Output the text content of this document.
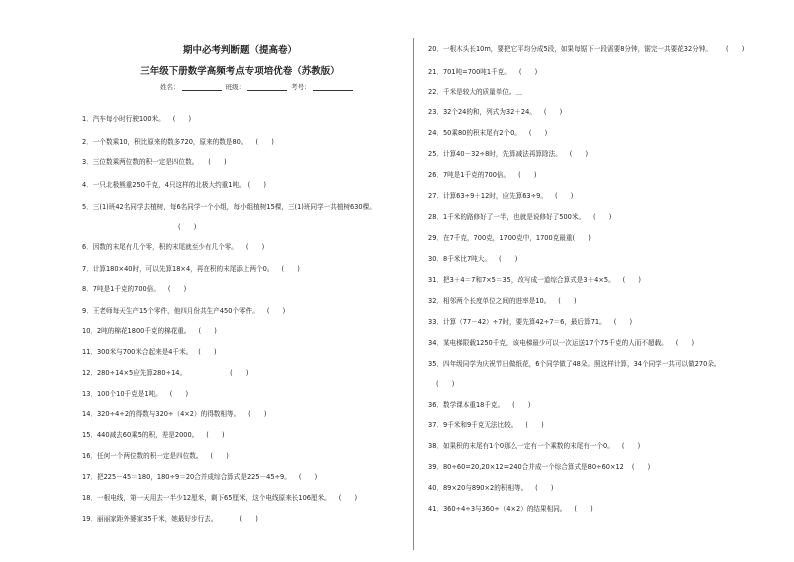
期中必考判断题（提高卷）
三年级下册数学高频考点专项培优卷（苏教版）
姓名：	班级：	考号：
1．汽车每小时行驶100米。 (　　)
2．一个数乘10，积比原来的数多720，原来的数是80。 (　　)
3．三位数乘两位数的积一定是四位数。 (　　)
4．一只北极熊重250千克，4只这样的北极大约重1吨。 (　　)
5．三(1)班42名同学去植树，每6名同学一个小组，每小组植树15棵，三(1)班同学一共植树630棵。
(　　)
6．因数的末尾有几个零，积的末尾就至少有几个零。 (　　)
7．计算180×40时，可以先算18×4，再在积的末尾添上两个0。 (　　)
8．7吨是1千克的700倍。 (　　)
9．王老师每天生产15个零件，他四月份共生产450个零件。 (　　)
10．2吨的棉花1800千克的棉花重。 (　　)
11．300米与700米合起来是4千米。 (　　)
12．280÷14×5应先算280÷14。	(　　)
13．100个10千克是1吨。 (　　)
14．320÷4÷2的得数与320÷（4×2）的得数相等。 (　　)
15．440减去60乘5的积，差是2000。 (　　)
16．任何一个两位数的积一定是四位数。 (　　)
17．把225－45＝180，180÷9＝20合并成综合算式是225－45÷9。 (　　)
18．一根电线，第一天用去一半少12厘米，剩下65厘米，这个电线原来长106厘米。 (　　)
19．丽丽家距外婆家35千米，她最好步行去。	(　　)
20．一根木头长10m，要把它平均分成5段，如果每锯下一段需要8分钟，锯完一共要花32分钟。 (　　)
21．701吨=700吨1千克。 (　　)
22．千米是较大的质量单位。＿
23．32个24的和，列式为32＋24。 (　　)
24．50乘80的积末尾有2个0。 (　　)
25．计算40－32÷8时，先算减法再算除法。 (　　)
26．7吨是1千克的700倍。 (　　)
27．计算63÷9＋12时，应先算63÷9。 (　　)
28．1千米的路修好了一半，也就是说修好了500米。 (　　)
29．在7千克，700克，1700克中，1700克最重(　　)
30．8千米比7吨大。 (　　)
31．把3＋4＝7和7×5＝35，改写成一道综合算式是3＋4×5。 (　　)
32．相邻两个长度单位之间的进率是10。 (　　)
33．计算（77－42）÷7时，要先算42÷7＝6，最后算71。 (　　)
34．某电梯限载1250千克，该电梯最少可以一次运送17个75千克的人而不超载。 (　　)
35．四年级同学为庆祝节日做纸花，6个同学做了48朵。照这样计算，34个同学一共可以做270朵。
(　　)
36．数学课本重18千克。 (　　)
37．9千米和9千克无法比较。 (　　)
38．如果积的末尾有1个0那么一定有一个乘数的末尾有一个0。 (　　)
39．80÷60=20,20×12=240合并成一个综合算式是80÷60×12 (　　)
40．89×20与890×2的积相等。 (　　)
41．360÷4÷3与360÷（4×2）的结果相同。 (　　)
